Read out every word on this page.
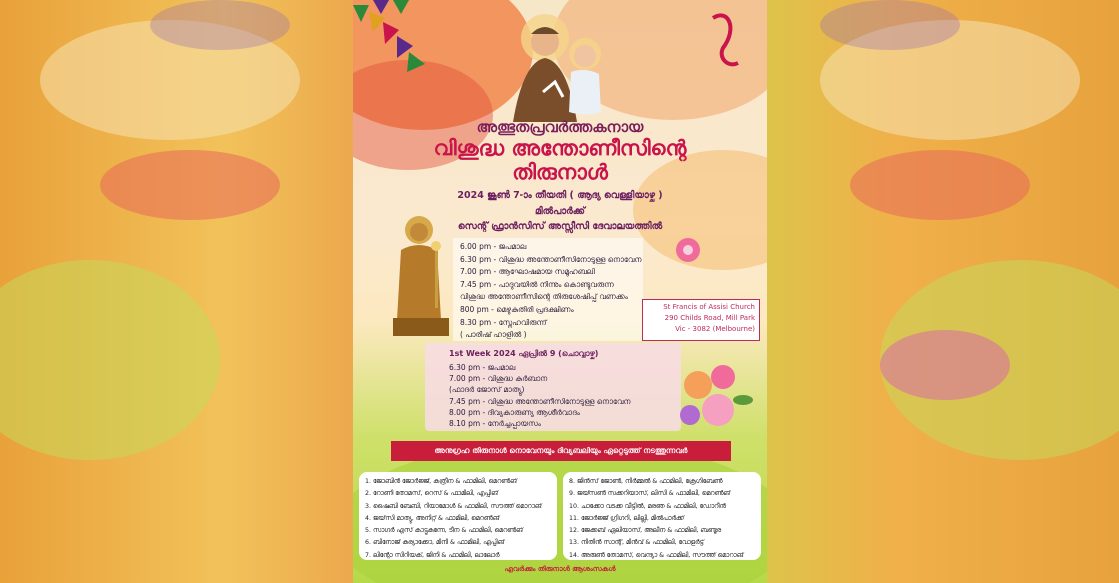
അത്ഭുതപ്രവർത്തകനായ
വിശുദ്ധ അന്തോണീസിന്റെ
തിരുനാൾ
2024 ജൂൺ 7-ാം തീയതി ( ആദ്യ വെള്ളിയാഴ്ച )
മിൽപാർക്ക്
സെന്റ് ഫ്രാൻസിസ് അസ്സീസി ദേവാലയത്തിൽ
6.00 pm - ജപമാല
6.30 pm - വിശുദ്ധ അന്തോണീസിനോടുള്ള നൊവേന
7.00 pm - ആഘോഷമായ സമൂഹബലി
7.45 pm - പാദുവയിൽ നിന്നും കൊണ്ടുവരുന്ന
വിശുദ്ധ അന്തോണീസിന്റെ തിരുശേഷിപ്പ് വണക്കം
800 pm - മെഴുകുതിരി പ്രദക്ഷിണം
8.30 pm - സ്നേഹവിരുന്ന്
( പാരിഷ് ഹാളിൽ )
St Francis of Assisi Church
290 Childs Road, Mill Park
Vic - 3082 (Melbourne)
1st Week 2024 ഏപ്രിൽ 9 (ചൊവ്വാഴ്ച)
6.30 pm - ജപമാല
7.00 pm - വിശുദ്ധ കുർബാന
(ഫാദർ ജോസ് മാത്യു)
7.45 pm - വിശുദ്ധ അന്തോണീസിനോടുള്ള നൊവേന
8.00 pm - ദിവ്യകാരുണ്യ ആശീർവാദം
8.10 pm - നേർച്ചപ്പായസം
അനുഗ്രഹ തിരുനാൾ നൊവേനയും ദിവ്യബലിയും ഏറ്റെടുത്ത് നടത്തുന്നവർ
1. ജോബിൻ ജോർജ്ജ്, കത്രീന & ഫാമിലി, മെറൺങ്
2. റോണി തോമസ്, റെസ് & ഫാമിലി, എപ്പിങ്
3. ഷൈബി ബേബി, റിയാമോൾ & ഫാമിലി, സൗത്ത് മൊറാങ്
4. ജയ്‌സി മാത്യു, അനിറ്റ് & ഫാമിലി, മെറൺങ്
5. സാഗർ എസ് കാട്ടുകുന്നേ, ടീന & ഫാമിലി, മെറൺങ്
6. ബിനോജ് കുര്യാക്കോ, മിനി & ഫാമിലി, എപ്പിങ്
7. ലിന്റോ സിറിയക്, ജിനി & ഫാമിലി, ലാലോർ
8. ജിൻസ് ജോൺ, നിർമ്മൽ & ഫാമിലി, ക്രേഗിബേൺ
9. ജയ്സൺ സക്കറിയാസ്, ലിസി & ഫാമിലി, മെറൺങ്
10. ചാക്കോ വടക്ക വീട്ടിൽ, മരഞ & ഫാമിലി, ഡോറീൻ
11. ജോർജ്ജ് ഗ്രിഗറി, ലില്ലി, മിൽപാർക്ക്
12. ജേക്കബ് ഏലിയാസ്, അലീന & ഫാമിലി, ബണ്ടൂര
13. നിതിൻ സാന്റ്, മിൻവ് & ഫാമിലി, വോളർട്ട്
14. അരുൺ തോമസ്, വെന്ദ്യാ & ഫാമിലി, സൗത്ത് മൊറാങ്
എവർക്കും തിരുനാൾ ആശംസകൾ
